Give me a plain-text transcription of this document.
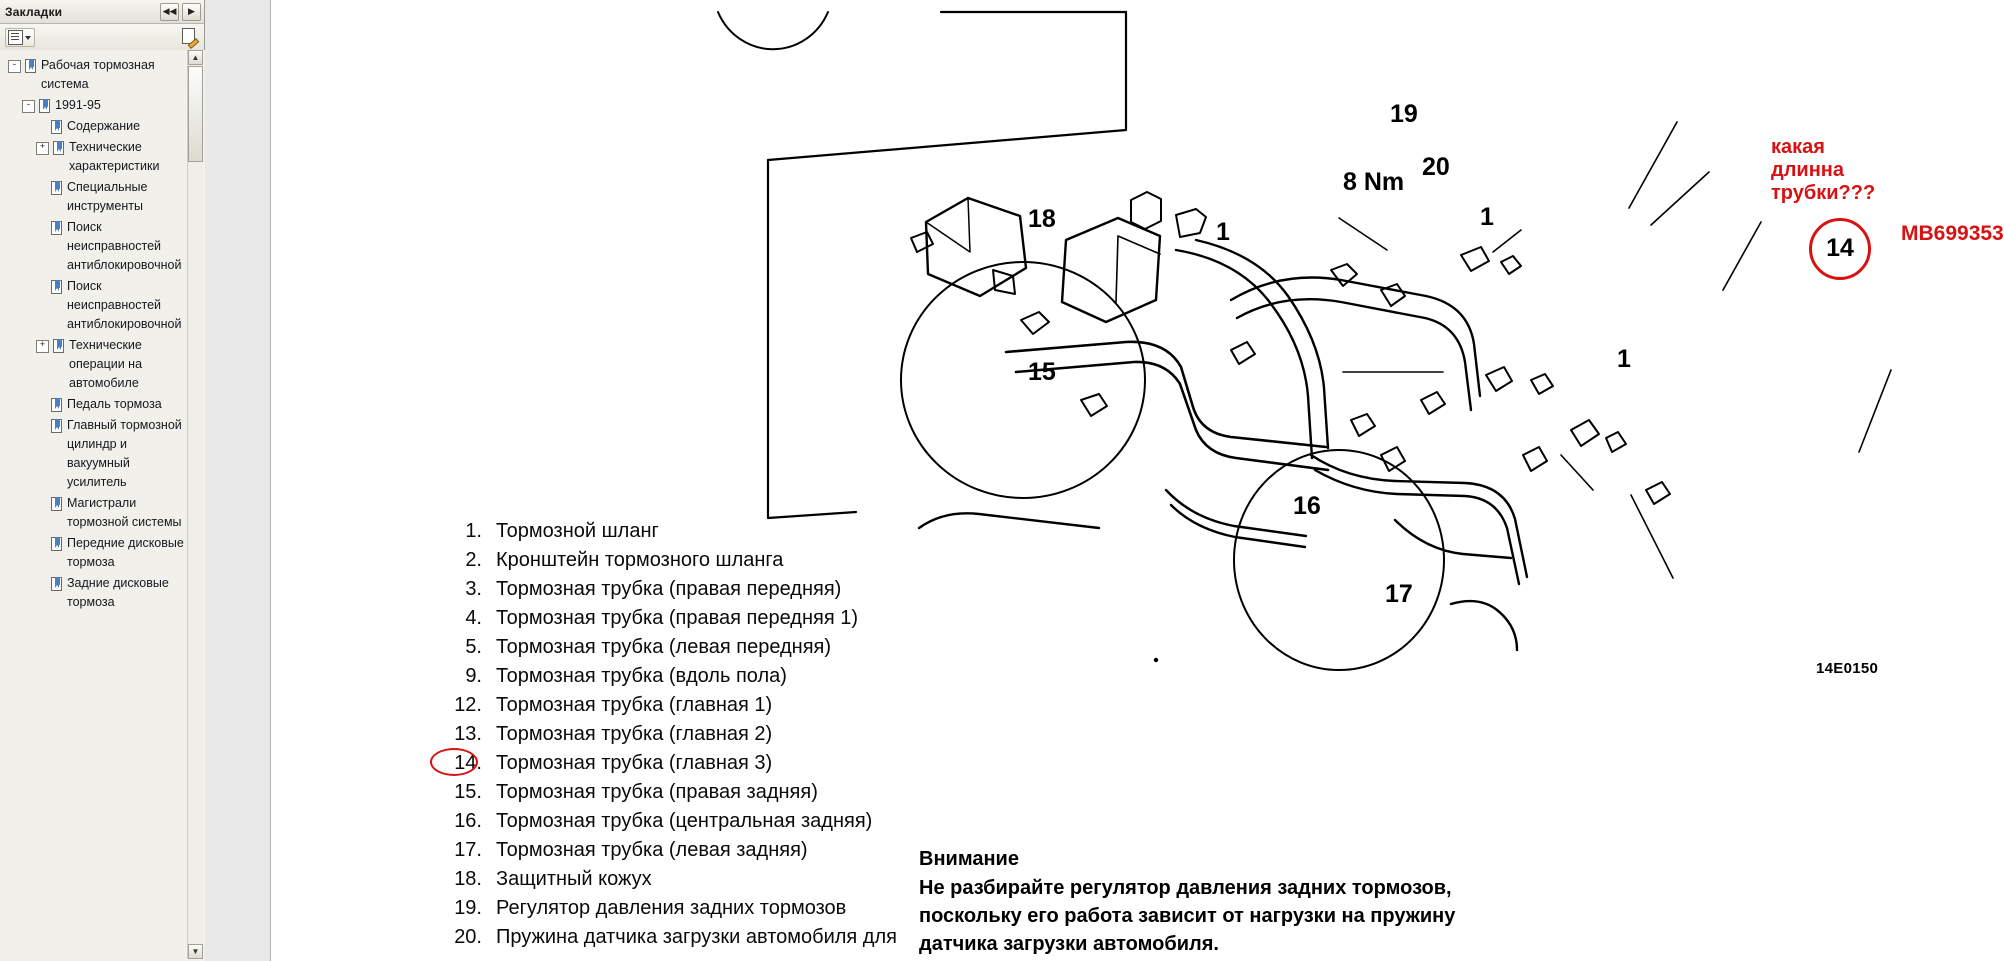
Закладки	◀◀	▶
-	Рабочая тормозная система
-	1991-95
Содержание
+	Технические характеристики
Специальные инструменты
Поиск неисправностей антиблокировочной
Поиск неисправностей антиблокировочной
+	Технические операции на автомобиле
Педаль тормоза
Главный тормозной цилиндр и вакуумный усилитель
Магистрали тормозной системы
Передние дисковые тормоза
Задние дисковые тормоза
▲
▼
18	1
19
20
1
1
15
16
17
8 Nm
14E0150
какая длинна трубки???
MB699353
14
1. Тормозной шланг
2. Кронштейн тормозного шланга
3. Тормозная трубка (правая передняя)
4. Тормозная трубка (правая передняя 1)
5. Тормозная трубка (левая передняя)
9. Тормозная трубка (вдоль пола)
12. Тормозная трубка (главная 1)
13. Тормозная трубка (главная 2)
14. Тормозная трубка (главная 3)
15. Тормозная трубка (правая задняя)
16. Тормозная трубка (центральная задняя)
17. Тормозная трубка (левая задняя)
18. Защитный кожух
19. Регулятор давления задних тормозов
20. Пружина датчика загрузки автомобиля для
Внимание
Не разбирайте регулятор давления задних тормозов,
поскольку его работа зависит от нагрузки на пружину
датчика загрузки автомобиля.
